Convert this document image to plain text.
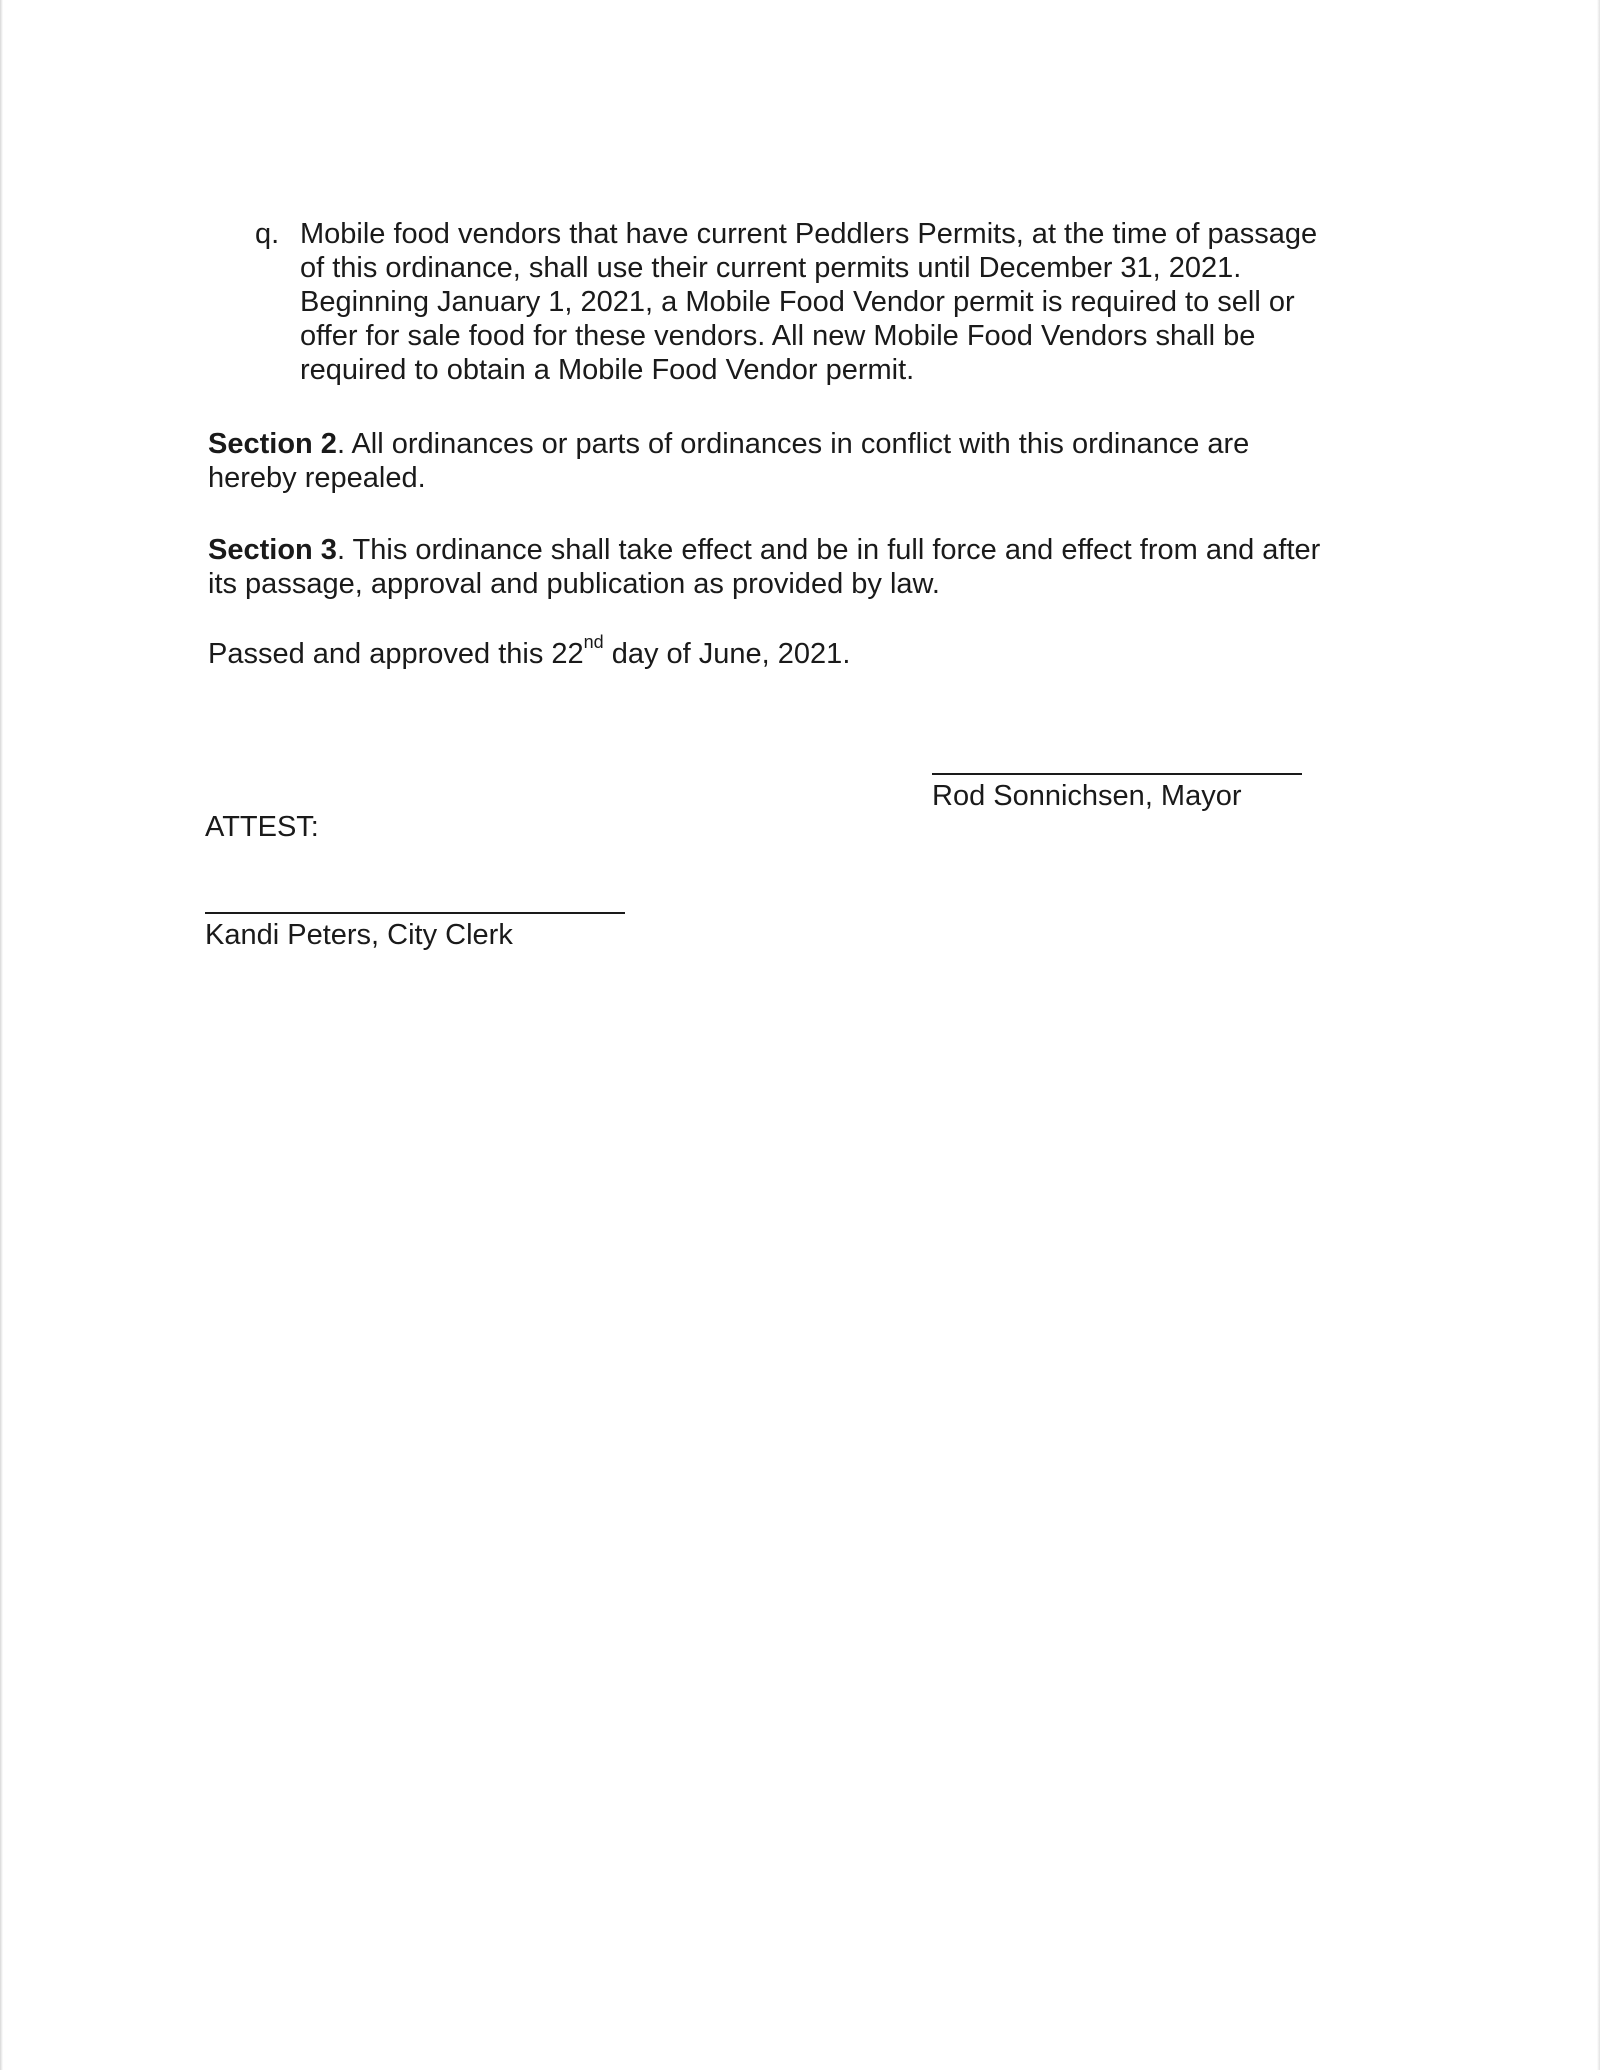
q. Mobile food vendors that have current Peddlers Permits, at the time of passage
of this ordinance, shall use their current permits until December 31, 2021.
Beginning January 1, 2021, a Mobile Food Vendor permit is required to sell or
offer for sale food for these vendors. All new Mobile Food Vendors shall be
required to obtain a Mobile Food Vendor permit.
Section 2. All ordinances or parts of ordinances in conflict with this ordinance are
hereby repealed.
Section 3. This ordinance shall take effect and be in full force and effect from and after
its passage, approval and publication as provided by law.
Passed and approved this 22nd day of June, 2021.
Rod Sonnichsen, Mayor
ATTEST:
Kandi Peters, City Clerk
